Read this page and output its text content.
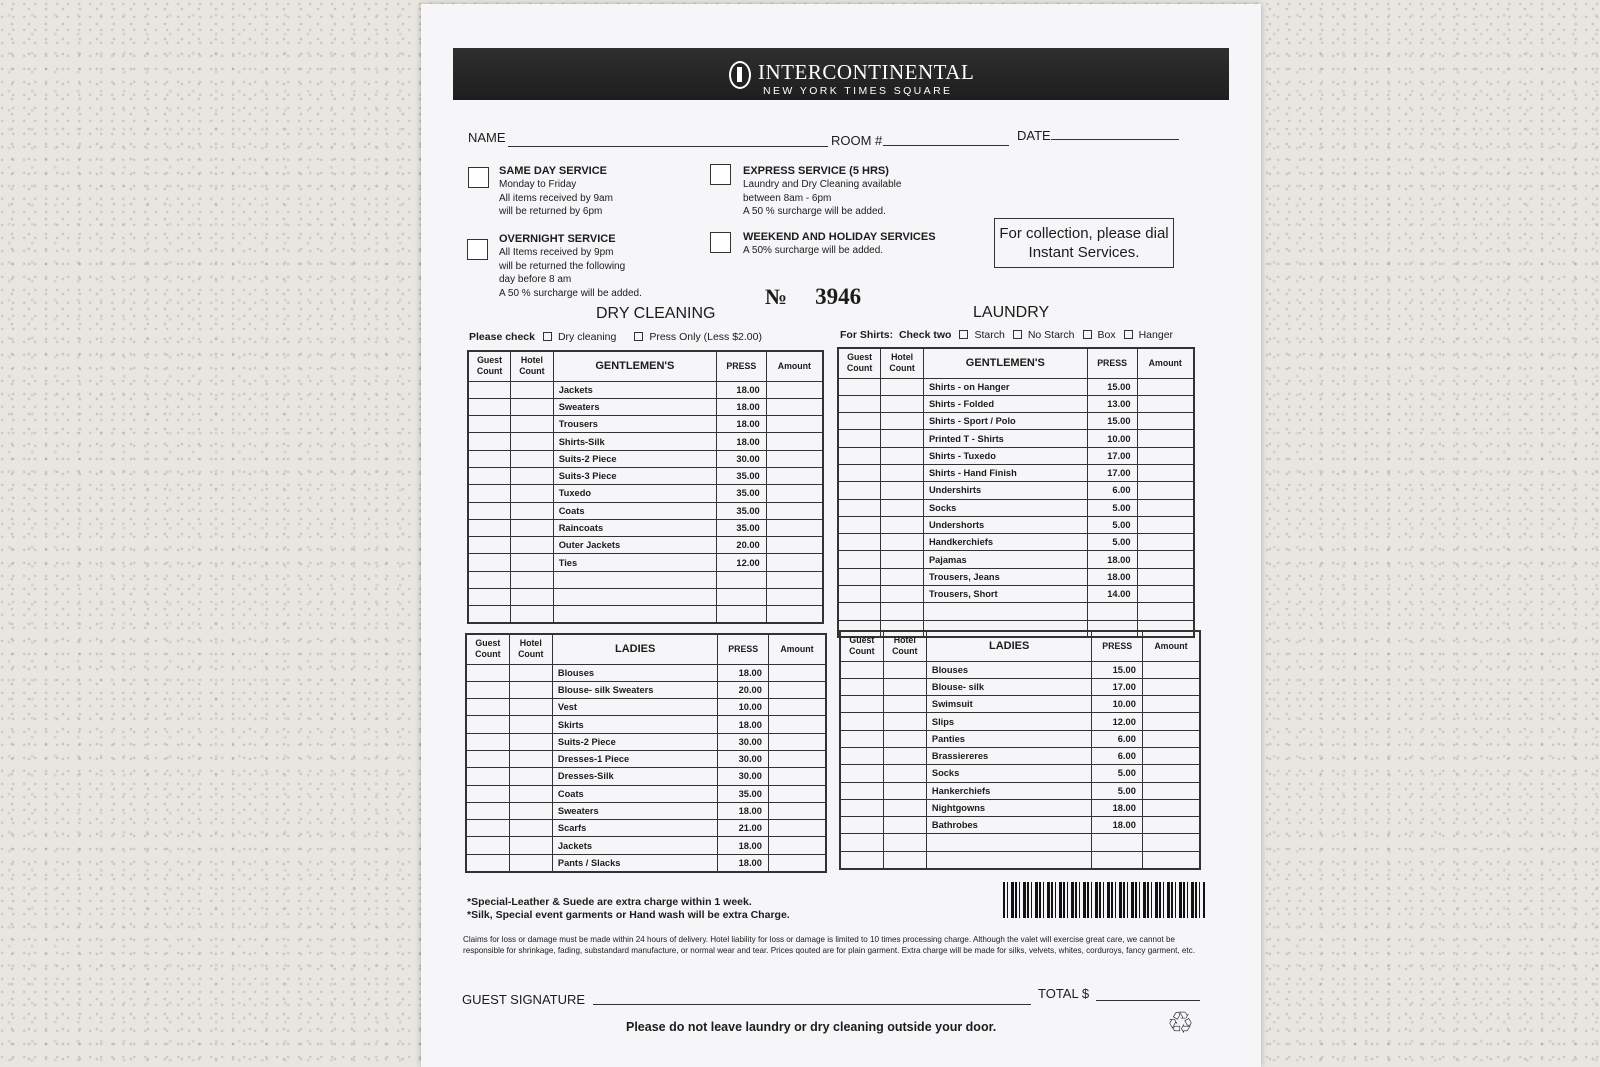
INTERCONTINENTAL
NEW YORK TIMES SQUARE
NAME	ROOM #	DATE
SAME DAY SERVICE
Monday to Friday
All items received by 9am
will be returned by 6pm
EXPRESS SERVICE (5 HRS)
Laundry and Dry Cleaning available
between 8am - 6pm
A 50 % surcharge will be added.
OVERNIGHT SERVICE
All Items received by 9pm
will be returned the following
day before 8 am
A 50 % surcharge will be added.
WEEKEND AND HOLIDAY SERVICES
A 50% surcharge will be added.
For collection, please dial Instant Services.
№ 3946
DRY CLEANING	LAUNDRY
Please check Dry cleaning	Press Only (Less $2.00)	For Shirts: Check two Starch No Starch Box Hanger
Guest Count	Hotel Count	GENTLEMEN'S	PRESS	Amount
		Jackets	18.00	
		Sweaters	18.00	
		Trousers	18.00	
		Shirts-Silk	18.00	
		Suits-2 Piece	30.00	
		Suits-3 Piece	35.00	
		Tuxedo	35.00	
		Coats	35.00	
		Raincoats	35.00	
		Outer Jackets	20.00	
		Ties	12.00	

Guest Count	Hotel Count	GENTLEMEN'S	PRESS	Amount
		Shirts - on Hanger	15.00	
		Shirts - Folded	13.00	
		Shirts - Sport / Polo	15.00	
		Printed T - Shirts	10.00	
		Shirts - Tuxedo	17.00	
		Shirts - Hand Finish	17.00	
		Undershirts	6.00	
		Socks	5.00	
		Undershorts	5.00	
		Handkerchiefs	5.00	
		Pajamas	18.00	
		Trousers, Jeans	18.00	
		Trousers, Short	14.00	

Guest Count	Hotel Count	LADIES	PRESS	Amount
		Blouses	18.00	
		Blouse- silk Sweaters	20.00	
		Vest	10.00	
		Skirts	18.00	
		Suits-2 Piece	30.00	
		Dresses-1 Piece	30.00	
		Dresses-Silk	30.00	
		Coats	35.00	
		Sweaters	18.00	
		Scarfs	21.00	
		Jackets	18.00	
		Pants / Slacks	18.00	
Guest Count	Hotel Count	LADIES	PRESS	Amount
		Blouses	15.00	
		Blouse- silk	17.00	
		Swimsuit	10.00	
		Slips	12.00	
		Panties	6.00	
		Brassiereres	6.00	
		Socks	5.00	
		Hankerchiefs	5.00	
		Nightgowns	18.00	
		Bathrobes	18.00	

*Special-Leather & Suede are extra charge within 1 week.
*Silk, Special event garments or Hand wash will be extra Charge.
Claims for loss or damage must be made within 24 hours of delivery. Hotel liability for loss or damage is limited to 10 times processing charge. Although the valet will exercise great care, we cannot be responsible for shrinkage, fading, substandard manufacture, or normal wear and tear. Prices qouted are for plain garment. Extra charge will be made for silks, velvets, whites, corduroys, fancy garment, etc.
GUEST SIGNATURE	TOTAL $
Please do not leave laundry or dry cleaning outside your door.	♲
